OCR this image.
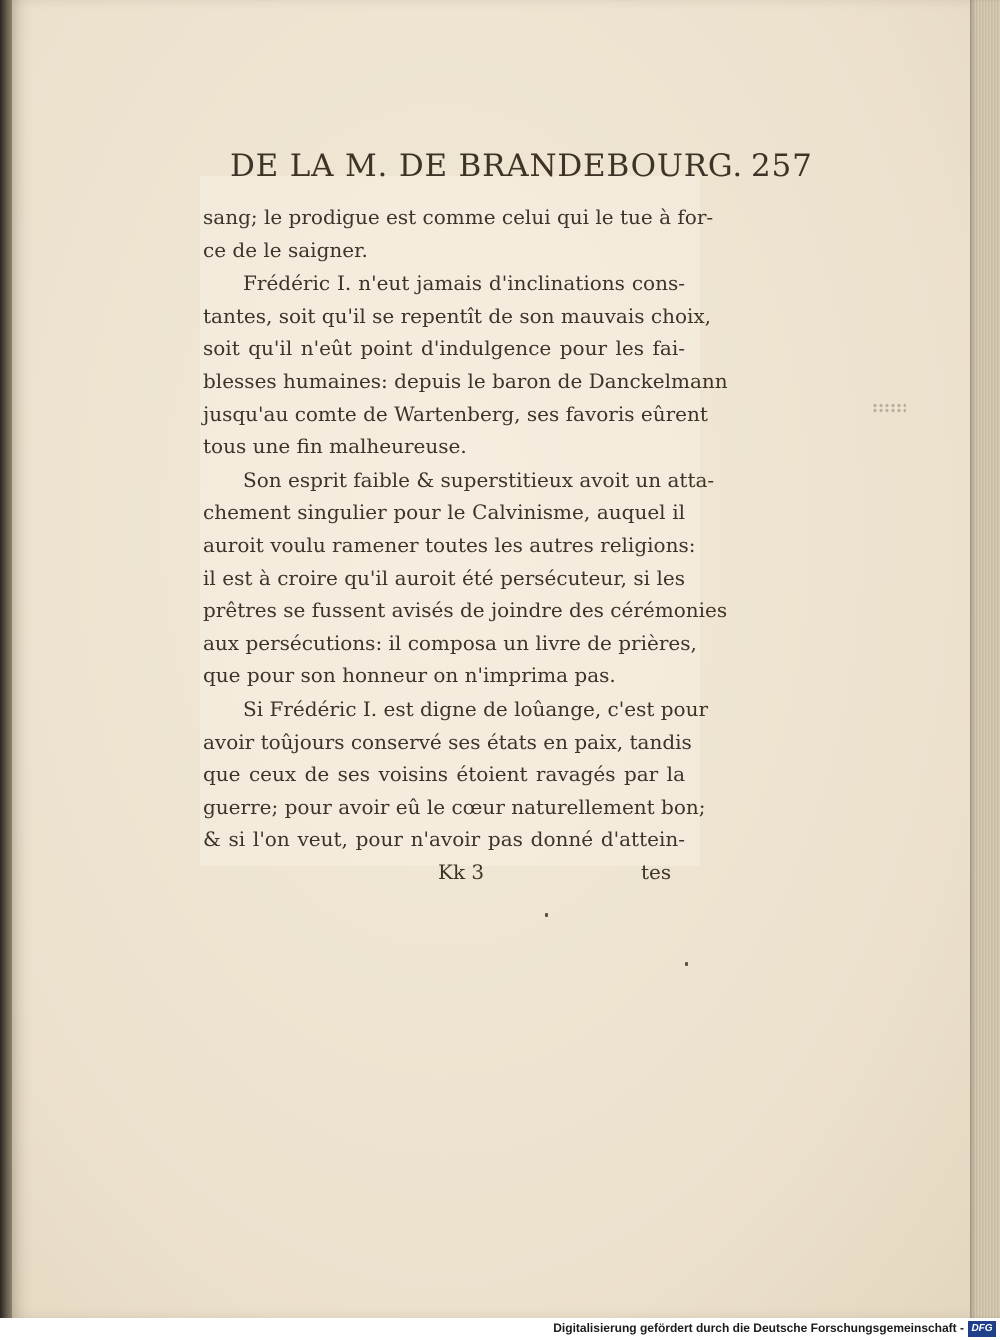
DE LA M. DE BRANDEBOURG. 257
sang; le prodigue est comme celui qui le tue à for-
ce de le saigner.
Frédéric I. n'eut jamais d'inclinations cons-
tantes, soit qu'il se repentît de son mauvais choix,
soit qu'il n'eût point d'indulgence pour les fai-
blesses humaines: depuis le baron de Danckelmann
jusqu'au comte de Wartenberg, ses favoris eûrent
tous une fin malheureuse.
Son esprit faible & superstitieux avoit un atta-
chement singulier pour le Calvinisme, auquel il
auroit voulu ramener toutes les autres religions:
il est à croire qu'il auroit été persécuteur, si les
prêtres se fussent avisés de joindre des cérémonies
aux persécutions: il composa un livre de prières,
que pour son honneur on n'imprima pas.
Si Frédéric I. est digne de loûange, c'est pour
avoir toûjours conservé ses états en paix, tandis
que ceux de ses voisins étoient ravagés par la
guerre; pour avoir eû le cœur naturellement bon;
& si l'on veut, pour n'avoir pas donné d'attein-
Kk 3	tes
Digitalisierung gefördert durch die Deutsche Forschungsgemeinschaft - DFG
